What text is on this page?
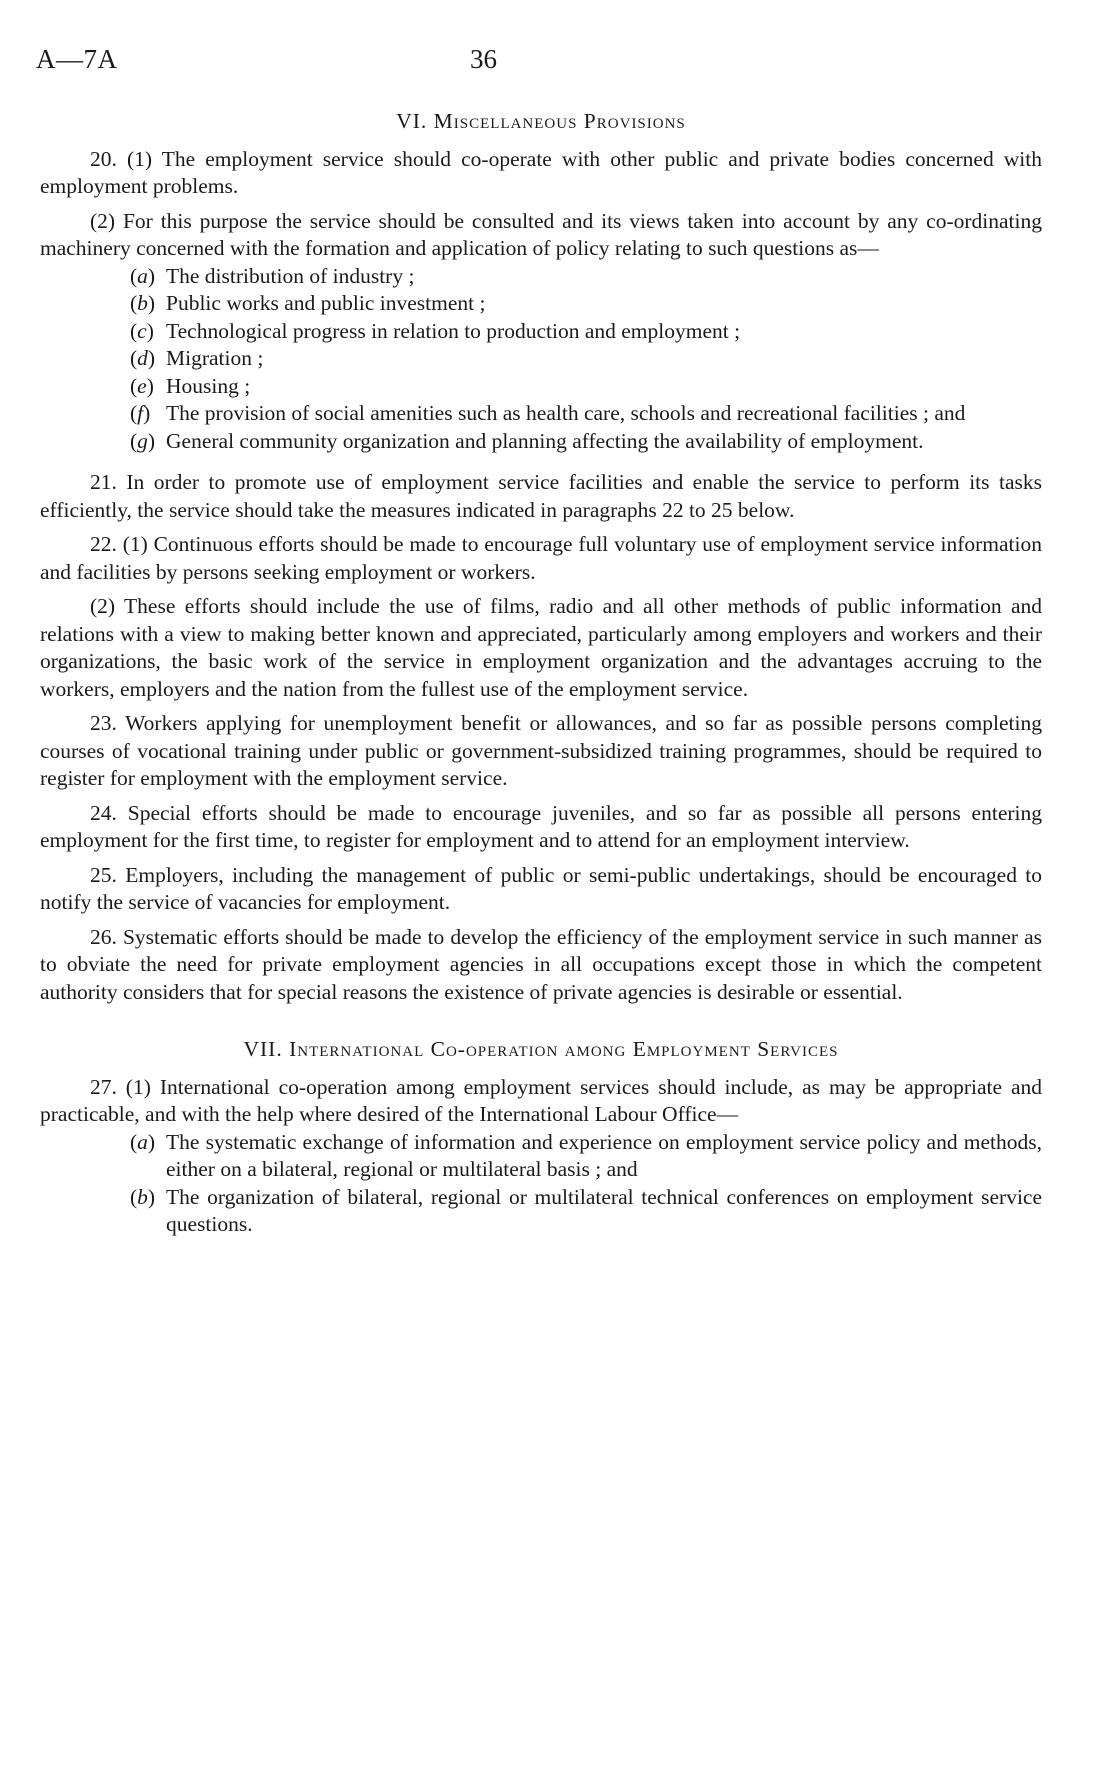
A—7A	36
VI. Miscellaneous Provisions

20. (1) The employment service should co-operate with other public and private bodies concerned with employment problems.

(2) For this purpose the service should be consulted and its views taken into account by any co-ordinating machinery concerned with the formation and application of policy relating to such questions as—

(a) The distribution of industry ;
(b) Public works and public investment ;
(c) Technological progress in relation to production and employment ;
(d) Migration ;
(e) Housing ;
(f) The provision of social amenities such as health care, schools and recreational facilities ; and
(g) General community organization and planning affecting the availability of employment.

21. In order to promote use of employment service facilities and enable the service to perform its tasks efficiently, the service should take the measures indicated in paragraphs 22 to 25 below.

22. (1) Continuous efforts should be made to encourage full voluntary use of employment service information and facilities by persons seeking employment or workers.

(2) These efforts should include the use of films, radio and all other methods of public information and relations with a view to making better known and appreciated, particularly among employers and workers and their organizations, the basic work of the service in employment organization and the advantages accruing to the workers, employers and the nation from the fullest use of the employment service.

23. Workers applying for unemployment benefit or allowances, and so far as possible persons completing courses of vocational training under public or government-subsidized training programmes, should be required to register for employment with the employment service.

24. Special efforts should be made to encourage juveniles, and so far as possible all persons entering employment for the first time, to register for employment and to attend for an employment interview.

25. Employers, including the management of public or semi-public undertakings, should be encouraged to notify the service of vacancies for employment.

26. Systematic efforts should be made to develop the efficiency of the employment service in such manner as to obviate the need for private employment agencies in all occupations except those in which the competent authority considers that for special reasons the existence of private agencies is desirable or essential.

VII. International Co-operation among Employment Services

27. (1) International co-operation among employment services should include, as may be appropriate and practicable, and with the help where desired of the International Labour Office—

(a) The systematic exchange of information and experience on employment service policy and methods, either on a bilateral, regional or multilateral basis ; and
(b) The organization of bilateral, regional or multilateral technical conferences on employment service questions.
